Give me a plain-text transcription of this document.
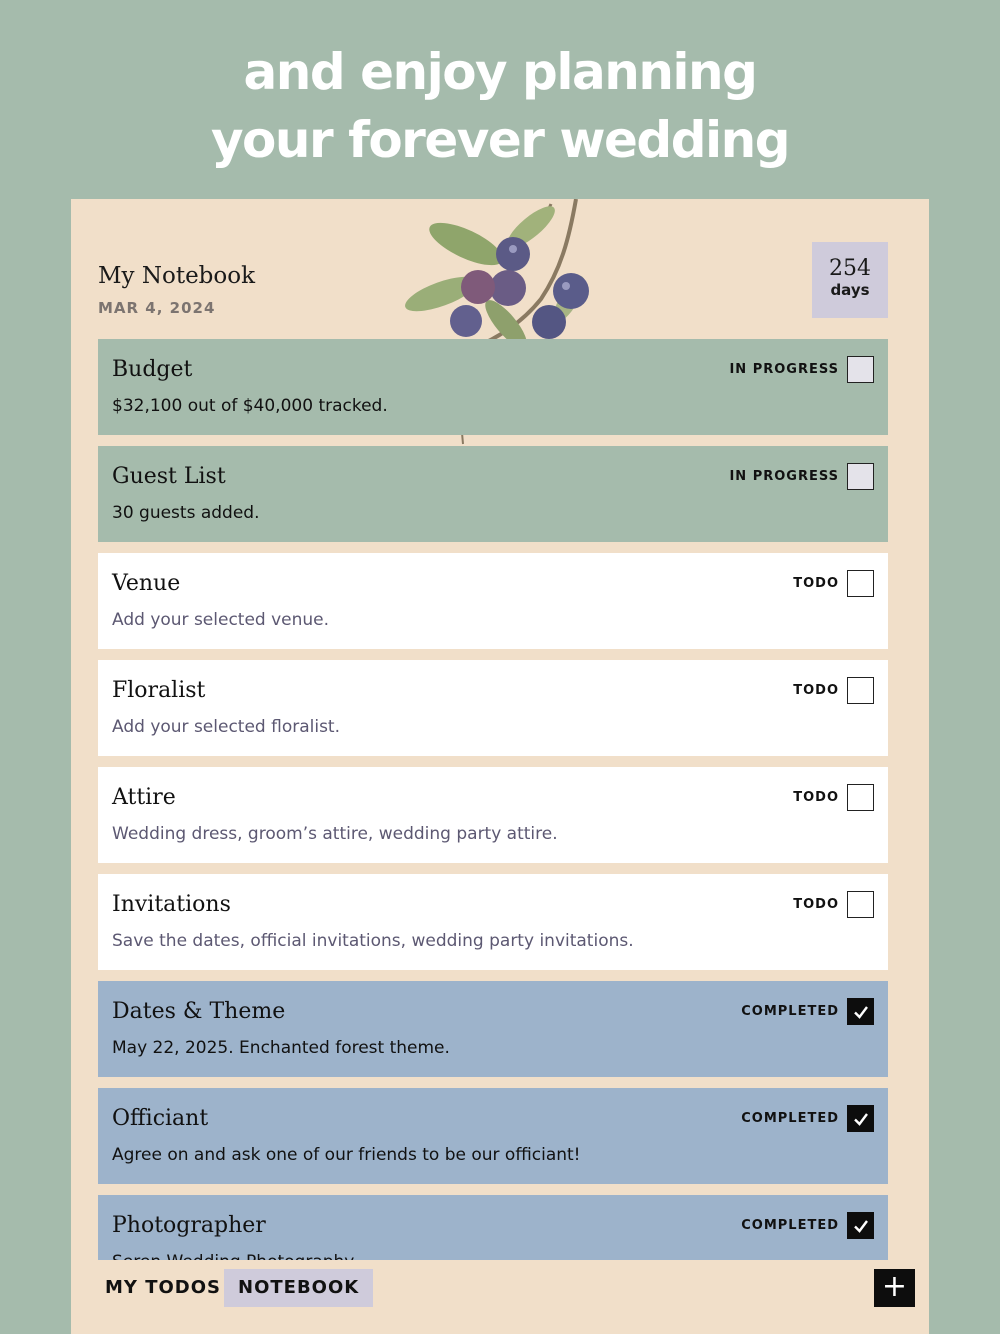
and enjoy planning
your forever wedding
My Notebook
MAR 4, 2024
254
days
Budget
$32,100 out of $40,000 tracked.
IN PROGRESS
Guest List
30 guests added.
IN PROGRESS
Venue
Add your selected venue.
TODO
Floralist
Add your selected floralist.
TODO
Attire
Wedding dress, groom’s attire, wedding party attire.
TODO
Invitations
Save the dates, official invitations, wedding party invitations.
TODO
Dates & Theme
May 22, 2025. Enchanted forest theme.
COMPLETED
Officiant
Agree on and ask one of our friends to be our officiant!
COMPLETED
Photographer	COMPLETED
MY TODOS NOTEBOOK	+
